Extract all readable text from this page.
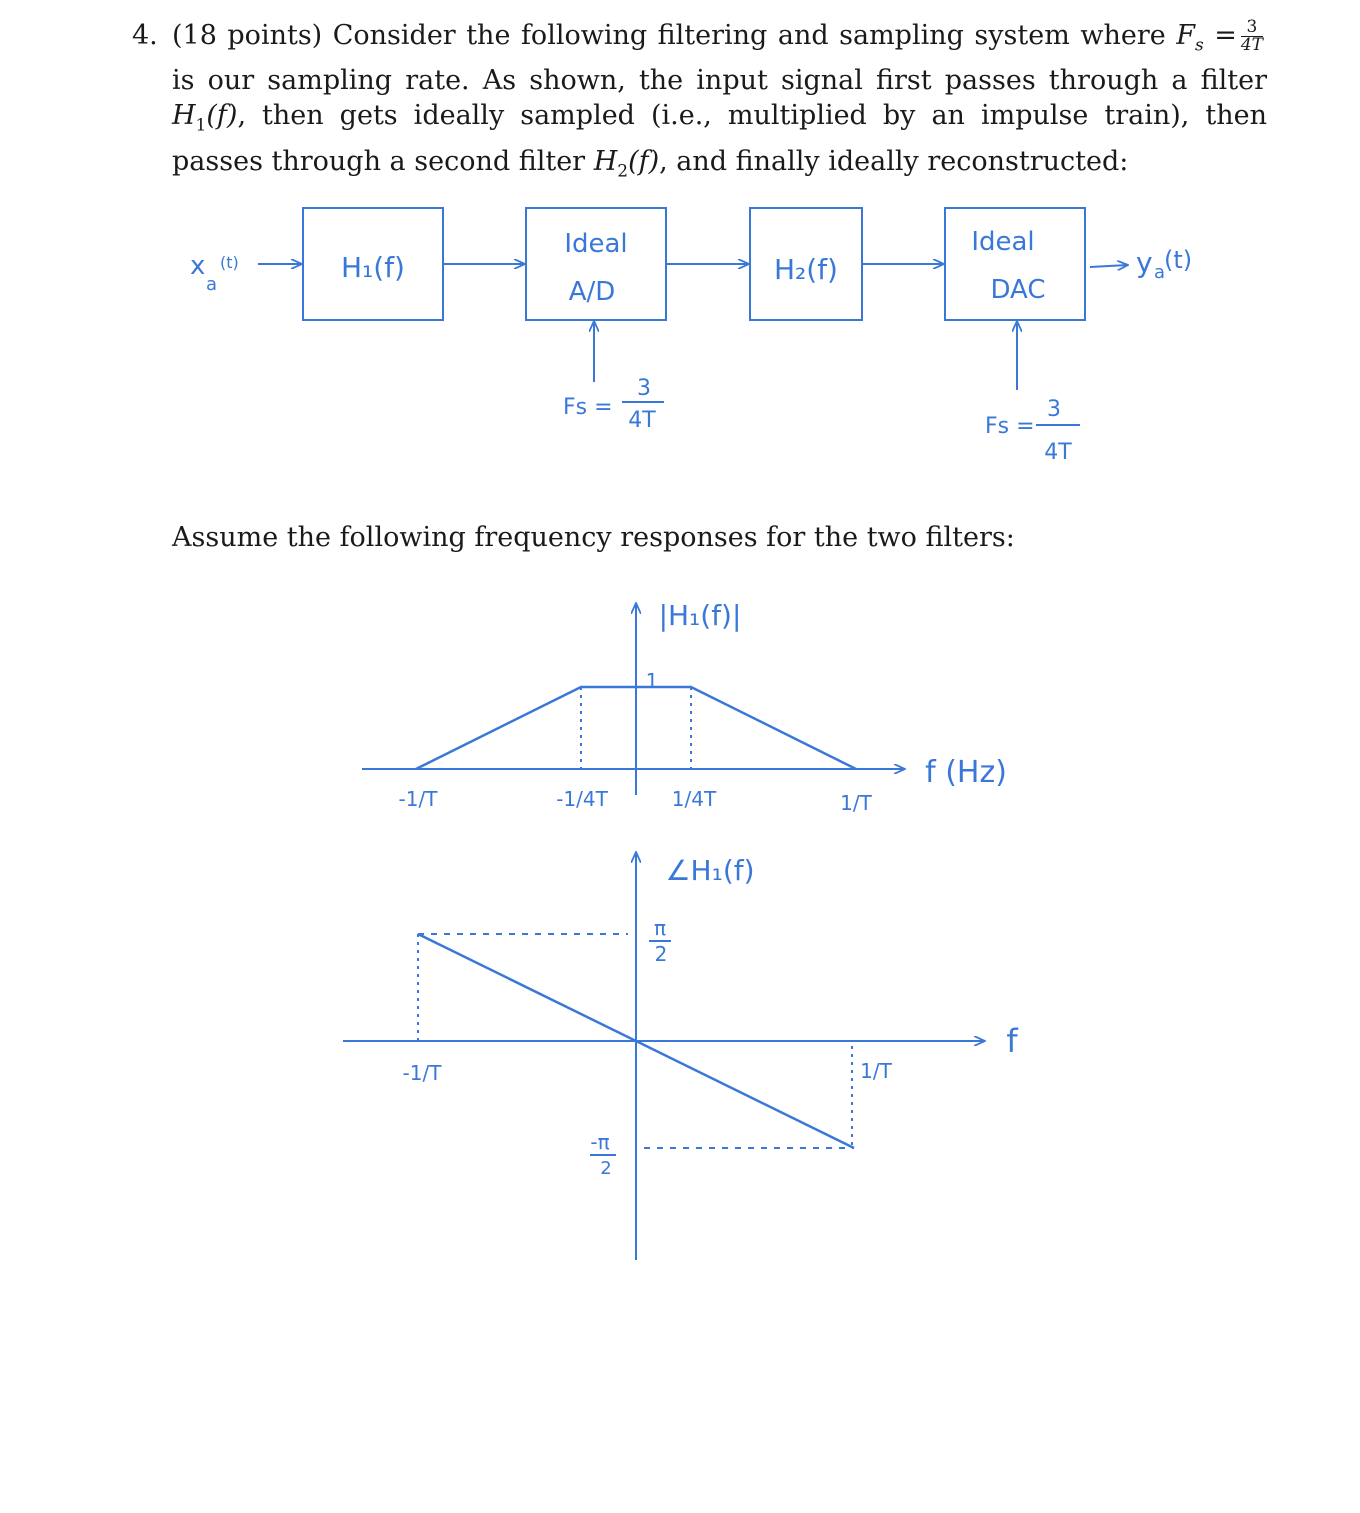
4. (18 points) Consider the following filtering and sampling system where $F_s = \frac{3}{4T}$
is our sampling rate. As shown, the input signal first passes through a filter $H_1(f)$, then gets ideally sampled (i.e., multiplied by an impulse train), then passes through a second filter $H_2(f)$, and finally ideally reconstructed:
Assume the following frequency responses for the two filters:
x
a
(t)	H₁(f)
Ideal
A/D
H₂(f)
Ideal
DAC
y a
(t)
Fs =
3
4T	Fs =
3
4T
|H₁(f)|
1
f (Hz)
-1/T	-1/4T	1/4T	1/T
∠H₁(f)
π
2
-π
2
f
-1/T	1/T
